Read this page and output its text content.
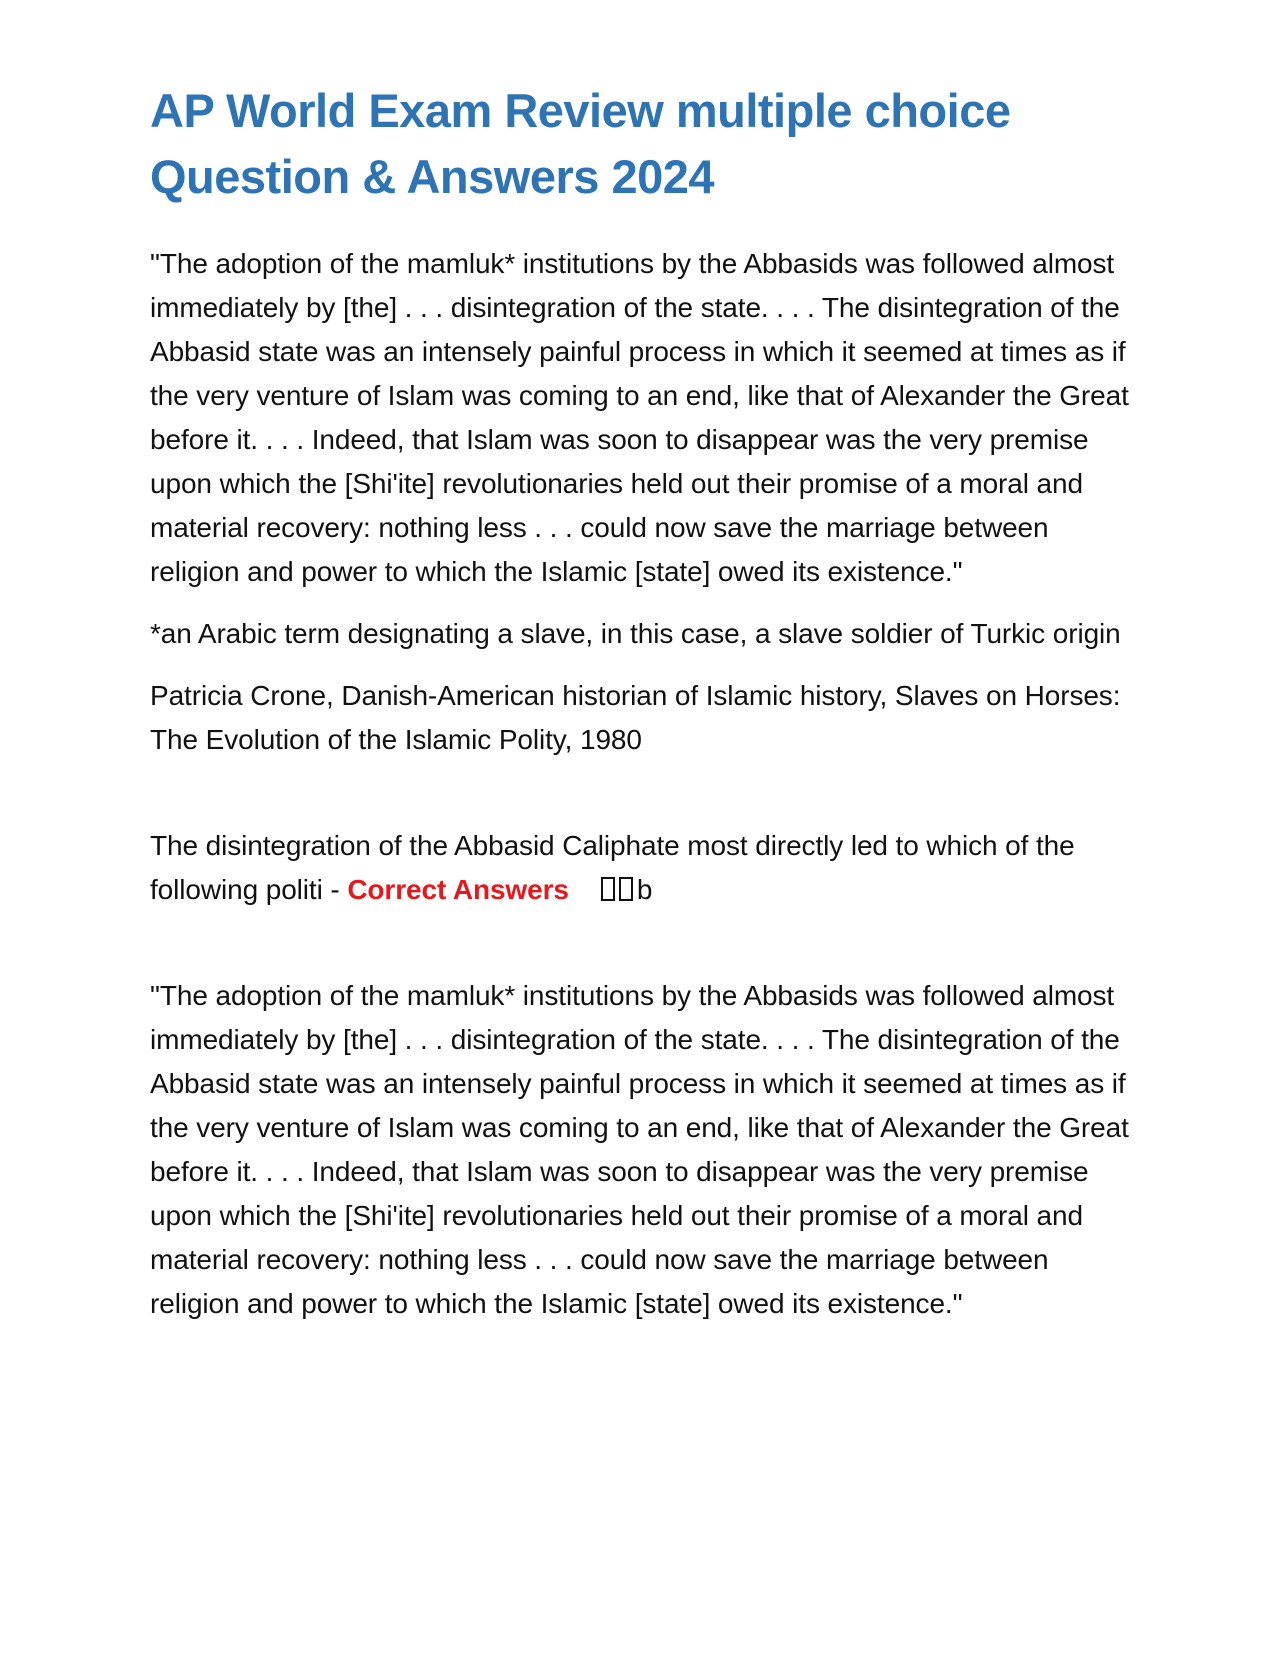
AP World Exam Review multiple choice Question & Answers 2024

"The adoption of the mamluk* institutions by the Abbasids was followed almost immediately by [the] . . . disintegration of the state. . . . The disintegration of the Abbasid state was an intensely painful process in which it seemed at times as if the very venture of Islam was coming to an end, like that of Alexander the Great before it. . . . Indeed, that Islam was soon to disappear was the very premise upon which the [Shi'ite] revolutionaries held out their promise of a moral and material recovery: nothing less . . . could now save the marriage between religion and power to which the Islamic [state] owed its existence."

*an Arabic term designating a slave, in this case, a slave soldier of Turkic origin

Patricia Crone, Danish-American historian of Islamic history, Slaves on Horses: The Evolution of the Islamic Polity, 1980

The disintegration of the Abbasid Caliphate most directly led to which of the following politi - Correct Answers b

"The adoption of the mamluk* institutions by the Abbasids was followed almost immediately by [the] . . . disintegration of the state. . . . The disintegration of the Abbasid state was an intensely painful process in which it seemed at times as if the very venture of Islam was coming to an end, like that of Alexander the Great before it. . . . Indeed, that Islam was soon to disappear was the very premise upon which the [Shi'ite] revolutionaries held out their promise of a moral and material recovery: nothing less . . . could now save the marriage between religion and power to which the Islamic [state] owed its existence."
